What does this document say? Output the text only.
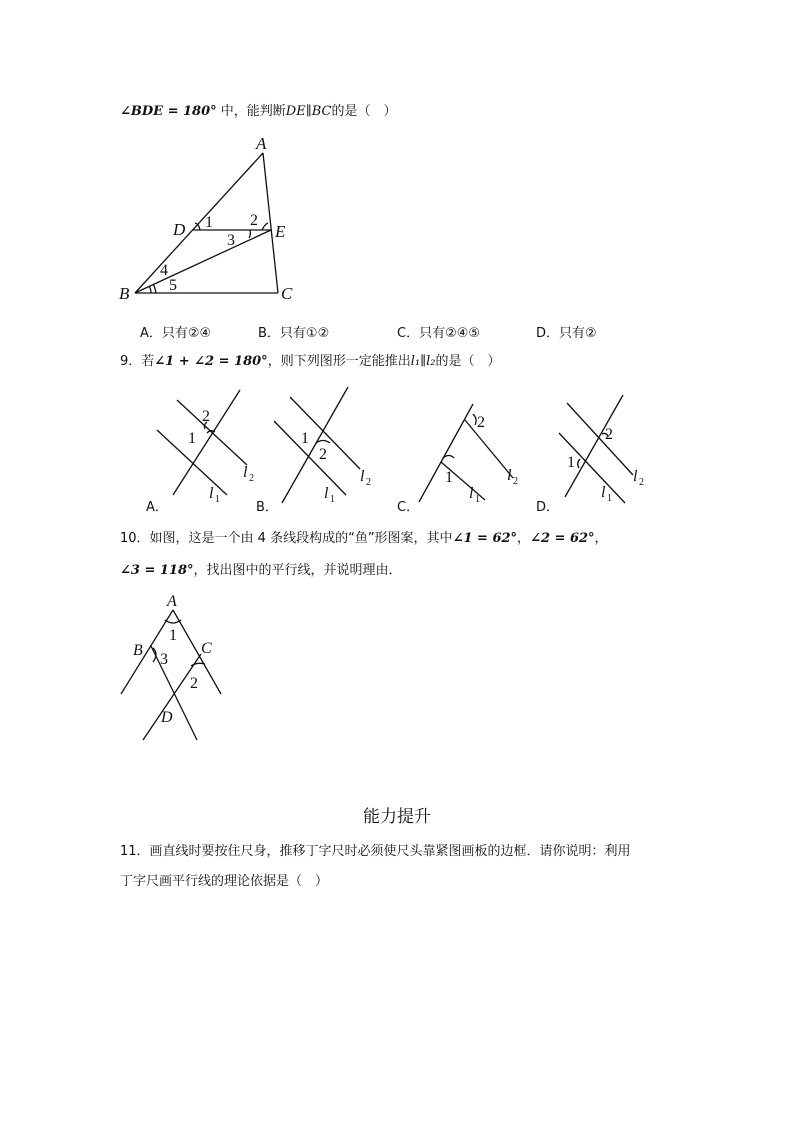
∠BDE = 180° 中，能判断DE∥BC的是（　）
A
B	C
D	E
1 2
3
4
5
A．只有②④	B．只有①②	C．只有②④⑤	D．只有②
9．若∠1 + ∠2 = 180°，则下列图形一定能推出l₁∥l₂的是（　）
2
1
l 2
l 1
A．
1
2
l 2
l 1
B．
2
1	l 2
l 1
C．
2
1
l 2
l 1
D．
10．如图，这是一个由 4 条线段构成的“鱼”形图案，其中∠1 = 62°，∠2 = 62°，
∠3 = 118°，找出图中的平行线，并说明理由．
A
B	C
D
1
2
3
能力提升
11．画直线时要按住尺身，推移丁字尺时必须使尺头靠紧图画板的边框．请你说明：利用
丁字尺画平行线的理论依据是（　）
